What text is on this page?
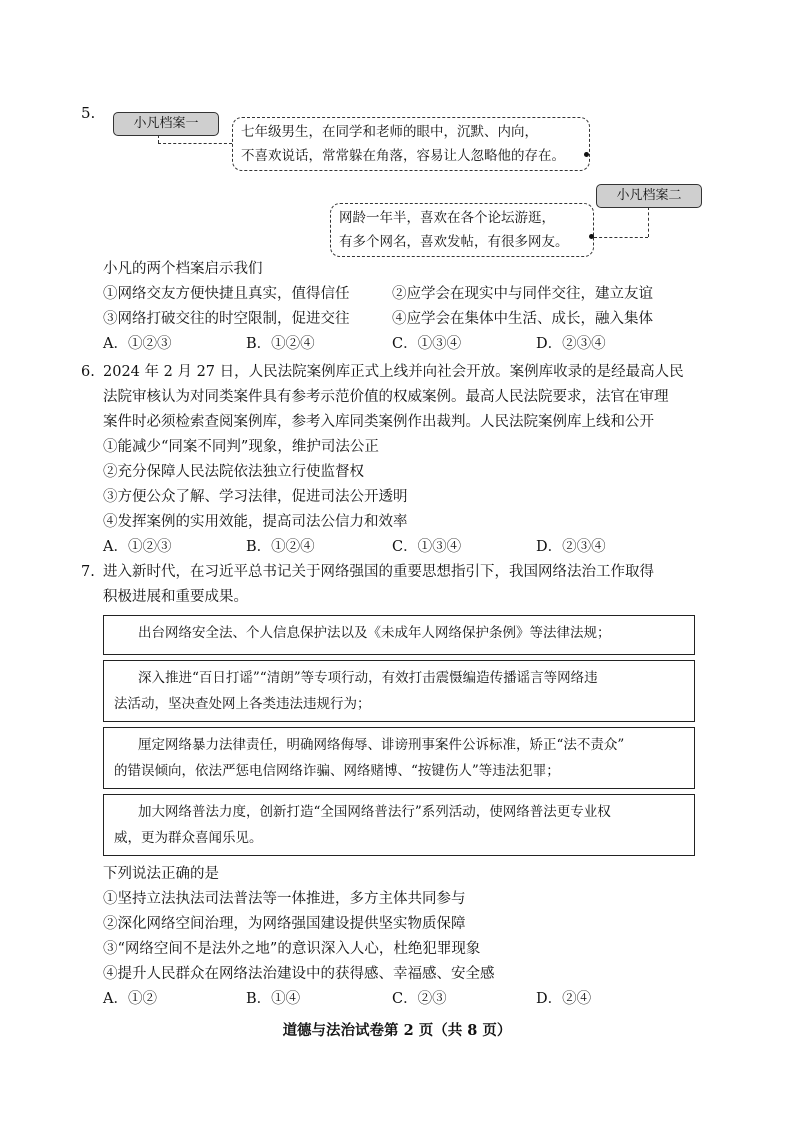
5.
小凡档案一
七年级男生，在同学和老师的眼中，沉默、内向，
不喜欢说话，常常躲在角落，容易让人忽略他的存在。
小凡档案二
网龄一年半，喜欢在各个论坛游逛，
有多个网名，喜欢发帖，有很多网友。
小凡的两个档案启示我们
①网络交友方便快捷且真实，值得信任	②应学会在现实中与同伴交往，建立友谊
③网络打破交往的时空限制，促进交往	④应学会在集体中生活、成长，融入集体
A．①②③	B．①②④	C．①③④	D．②③④
6. 2024 年 2 月 27 日，人民法院案例库正式上线并向社会开放。案例库收录的是经最高人民
法院审核认为对同类案件具有参考示范价值的权威案例。最高人民法院要求，法官在审理
案件时必须检索查阅案例库，参考入库同类案例作出裁判。人民法院案例库上线和公开
①能减少“同案不同判”现象，维护司法公正
②充分保障人民法院依法独立行使监督权
③方便公众了解、学习法律，促进司法公开透明
④发挥案例的实用效能，提高司法公信力和效率
A．①②③	B．①②④	C．①③④	D．②③④
7. 进入新时代，在习近平总书记关于网络强国的重要思想指引下，我国网络法治工作取得
积极进展和重要成果。
出台网络安全法、个人信息保护法以及《未成年人网络保护条例》等法律法规；
深入推进“百日打谣”“清朗”等专项行动，有效打击震慑编造传播谣言等网络违
法活动，坚决查处网上各类违法违规行为；
厘定网络暴力法律责任，明确网络侮辱、诽谤刑事案件公诉标准，矫正“法不责众”
的错误倾向，依法严惩电信网络诈骗、网络赌博、“按键伤人”等违法犯罪；
加大网络普法力度，创新打造“全国网络普法行”系列活动，使网络普法更专业权
威，更为群众喜闻乐见。
下列说法正确的是
①坚持立法执法司法普法等一体推进，多方主体共同参与
②深化网络空间治理，为网络强国建设提供坚实物质保障
③“网络空间不是法外之地”的意识深入人心，杜绝犯罪现象
④提升人民群众在网络法治建设中的获得感、幸福感、安全感
A．①②	B．①④	C．②③	D．②④
道德与法治试卷第 2 页（共 8 页）
